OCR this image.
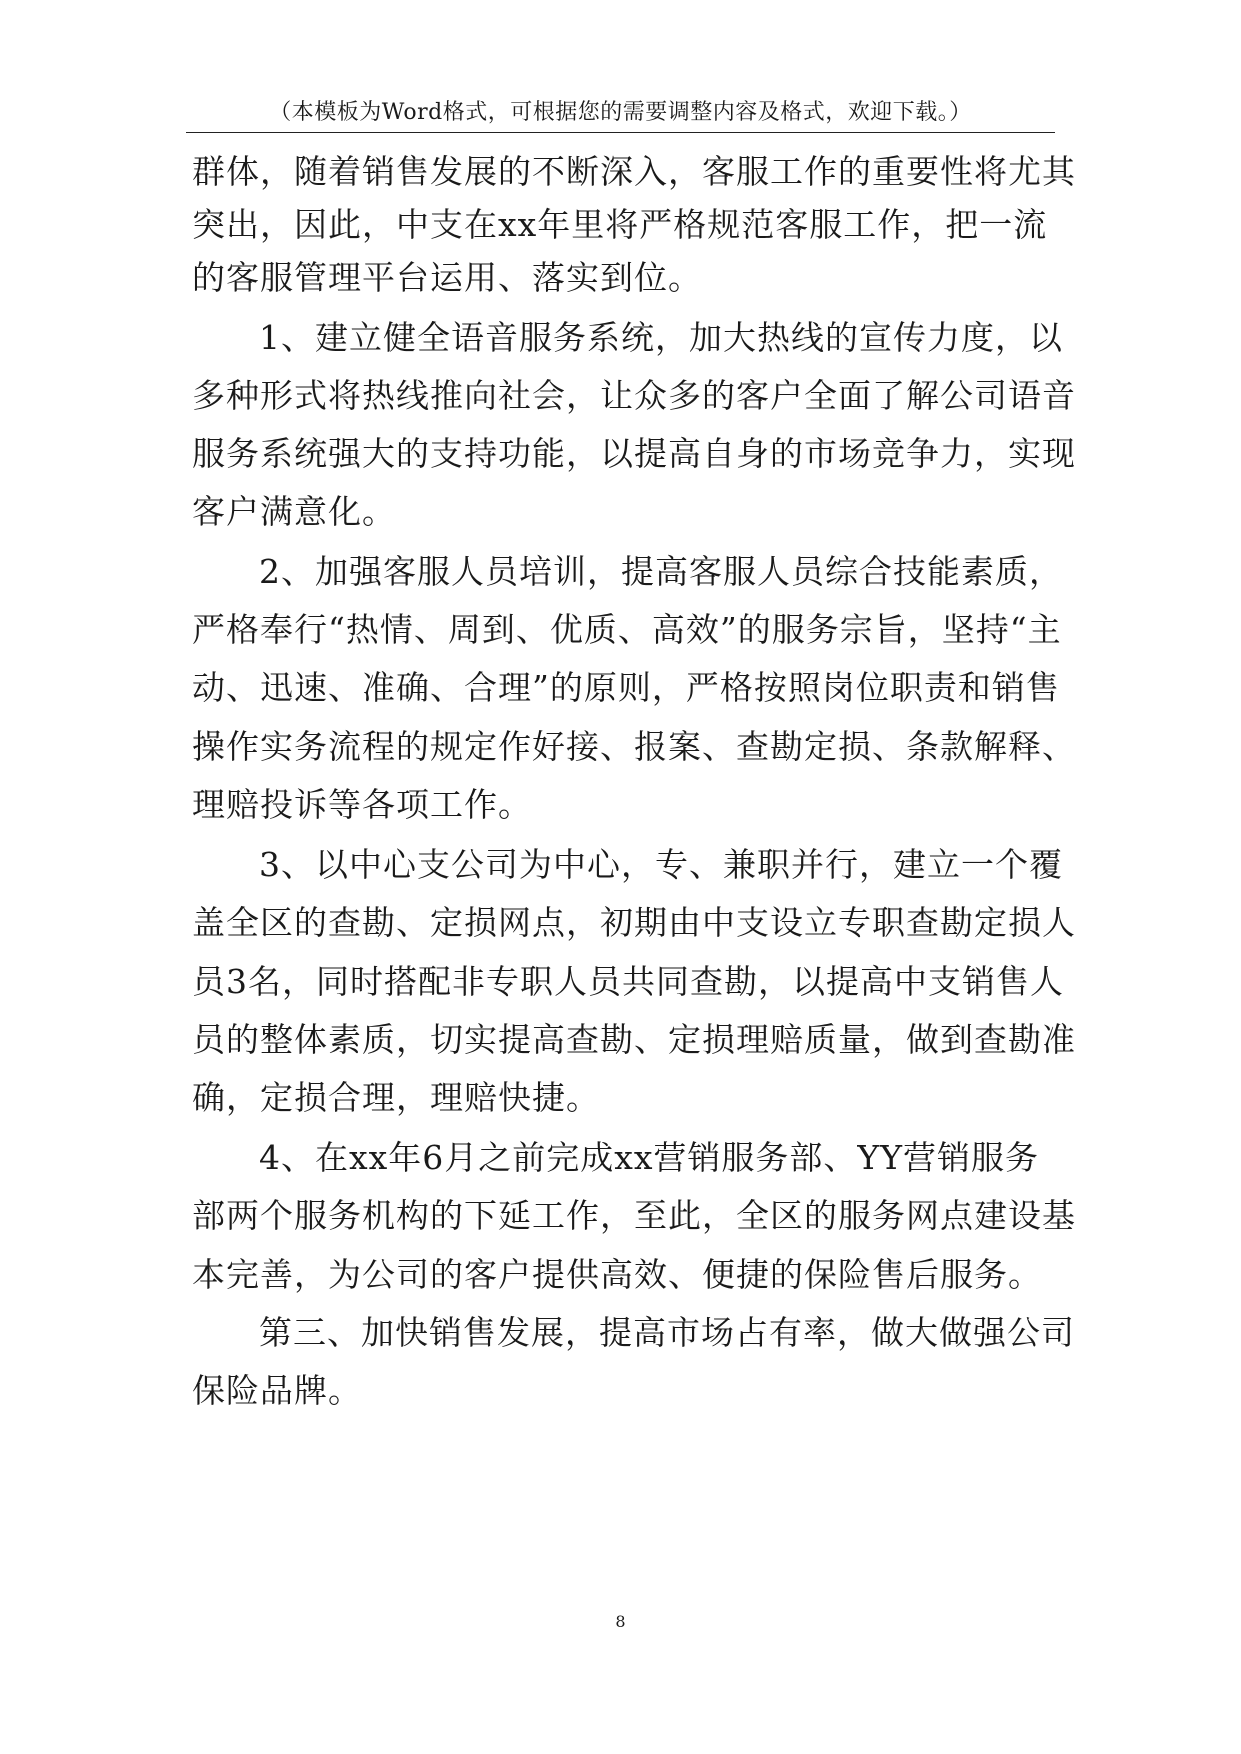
（本模板为Word格式，可根据您的需要调整内容及格式，欢迎下载。）
群体，随着销售发展的不断深入，客服工作的重要性将尤其
突出，因此，中支在xx年里将严格规范客服工作，把一流
的客服管理平台运用、落实到位。
1、建立健全语音服务系统，加大热线的宣传力度，以
多种形式将热线推向社会，让众多的客户全面了解公司语音
服务系统强大的支持功能，以提高自身的市场竞争力，实现
客户满意化。
2、加强客服人员培训，提高客服人员综合技能素质，
严格奉行“热情、周到、优质、高效”的服务宗旨，坚持“主
动、迅速、准确、合理”的原则，严格按照岗位职责和销售
操作实务流程的规定作好接、报案、查勘定损、条款解释、
理赔投诉等各项工作。
3、以中心支公司为中心，专、兼职并行，建立一个覆
盖全区的查勘、定损网点，初期由中支设立专职查勘定损人
员3名，同时搭配非专职人员共同查勘，以提高中支销售人
员的整体素质，切实提高查勘、定损理赔质量，做到查勘准
确，定损合理，理赔快捷。
4、在xx年6月之前完成xx营销服务部、YY营销服务
部两个服务机构的下延工作，至此，全区的服务网点建设基
本完善，为公司的客户提供高效、便捷的保险售后服务。
第三、加快销售发展，提高市场占有率，做大做强公司
保险品牌。
8
